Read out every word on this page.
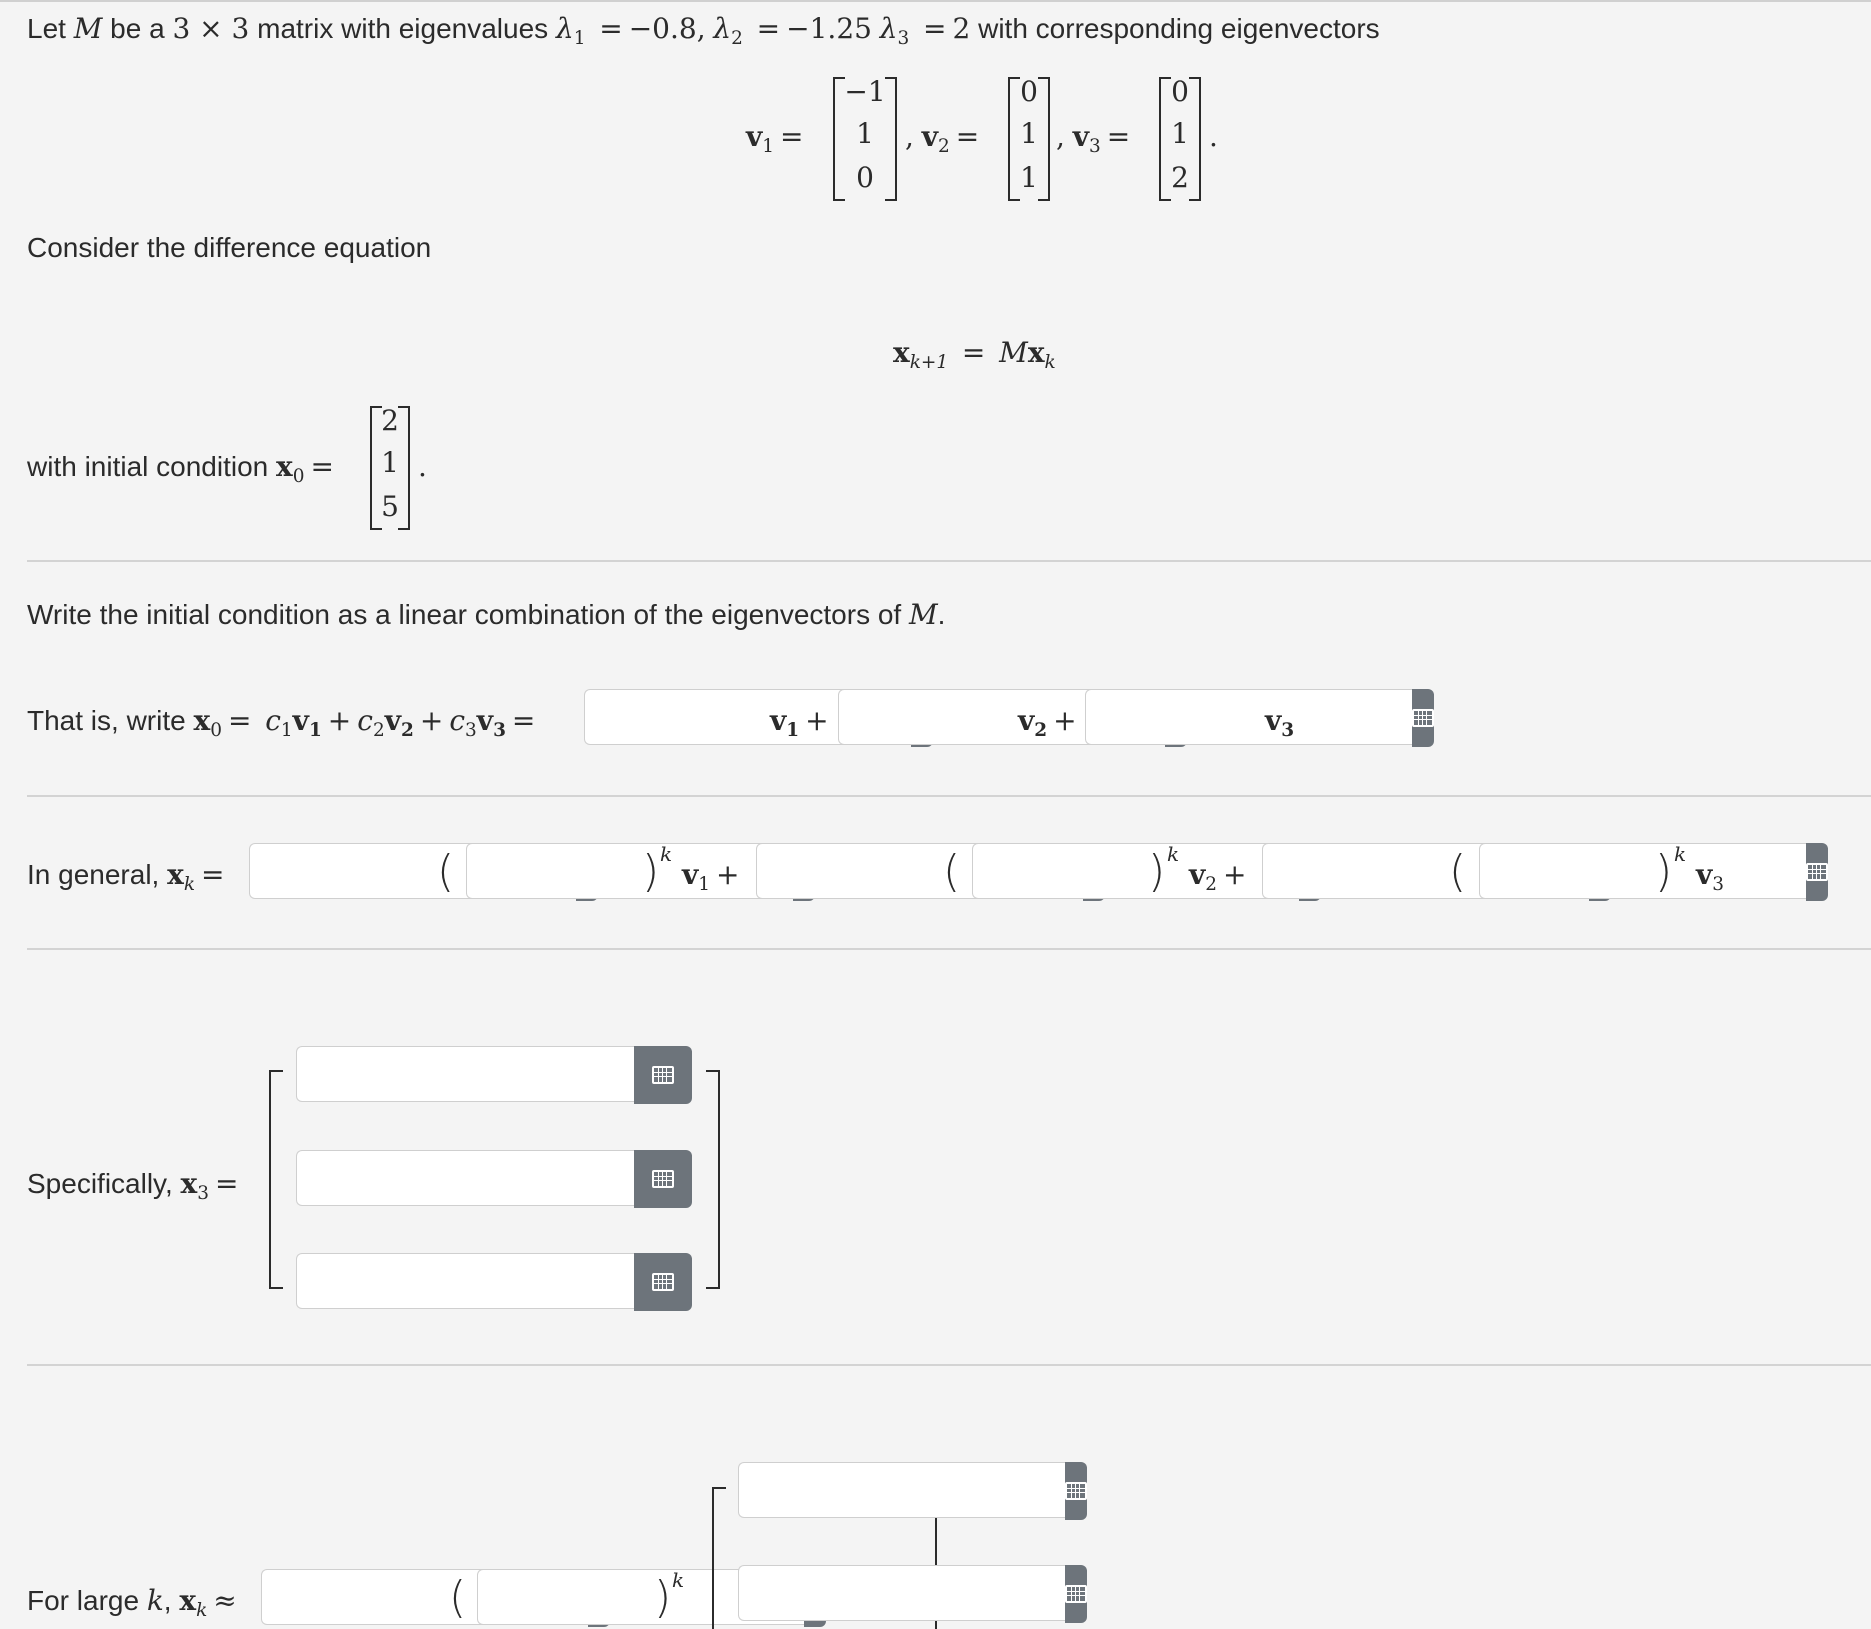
Let M be a 3 × 3 matrix with eigenvalues λ1 = −0.8, λ2 = −1.25 λ3 = 2 with corresponding eigenvectors
v1 =
−1
1
0
, v2 =
0
1
1
, v3 =
0
1
2
.
Consider the difference equation
xk+1 = Mxk
with initial condition x0 =
2
1
5
.
Write the initial condition as a linear combination of the eigenvectors of M.
That is, write x0 = c1v1 + c2v2 + c3v3 =	v1 +	v2 +	v3
In general, xk =	(	) k
v1 +	(	) k
v2 +	(	) k
v3
Specifically, x3 =
For large k, xk ≈	(	) k
